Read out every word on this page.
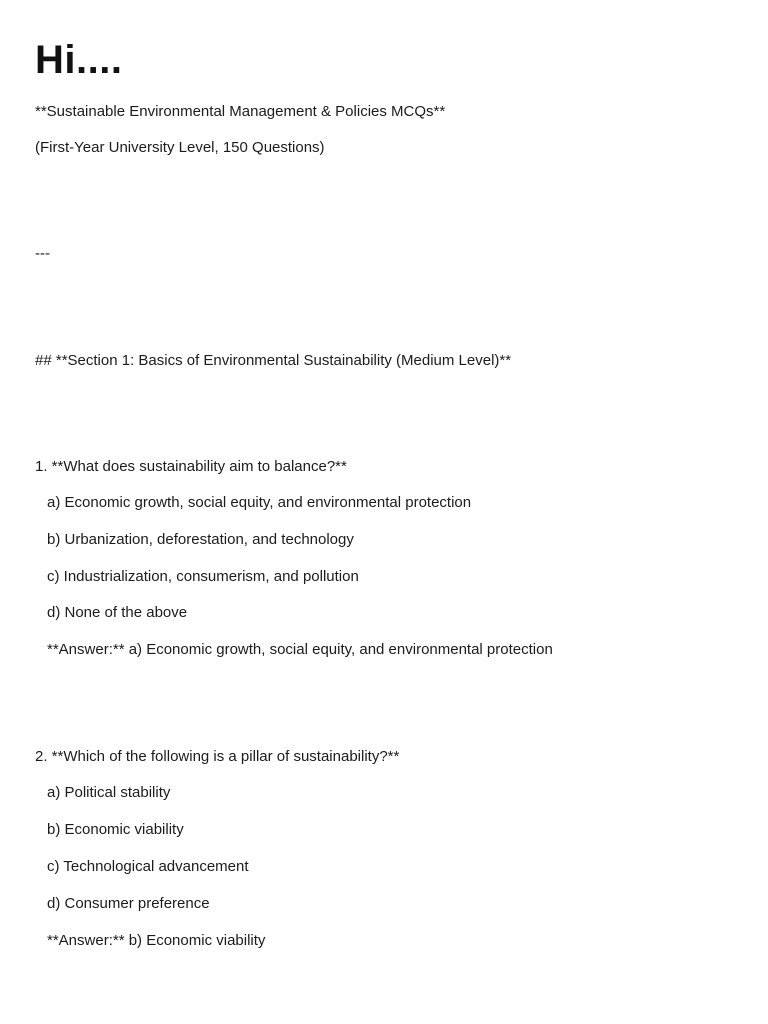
Hi....
**Sustainable Environmental Management & Policies MCQs**
(First-Year University Level, 150 Questions)
---
## **Section 1: Basics of Environmental Sustainability (Medium Level)**
1. **What does sustainability aim to balance?**
a) Economic growth, social equity, and environmental protection
b) Urbanization, deforestation, and technology
c) Industrialization, consumerism, and pollution
d) None of the above
**Answer:** a) Economic growth, social equity, and environmental protection
2. **Which of the following is a pillar of sustainability?**
a) Political stability
b) Economic viability
c) Technological advancement
d) Consumer preference
**Answer:** b) Economic viability
